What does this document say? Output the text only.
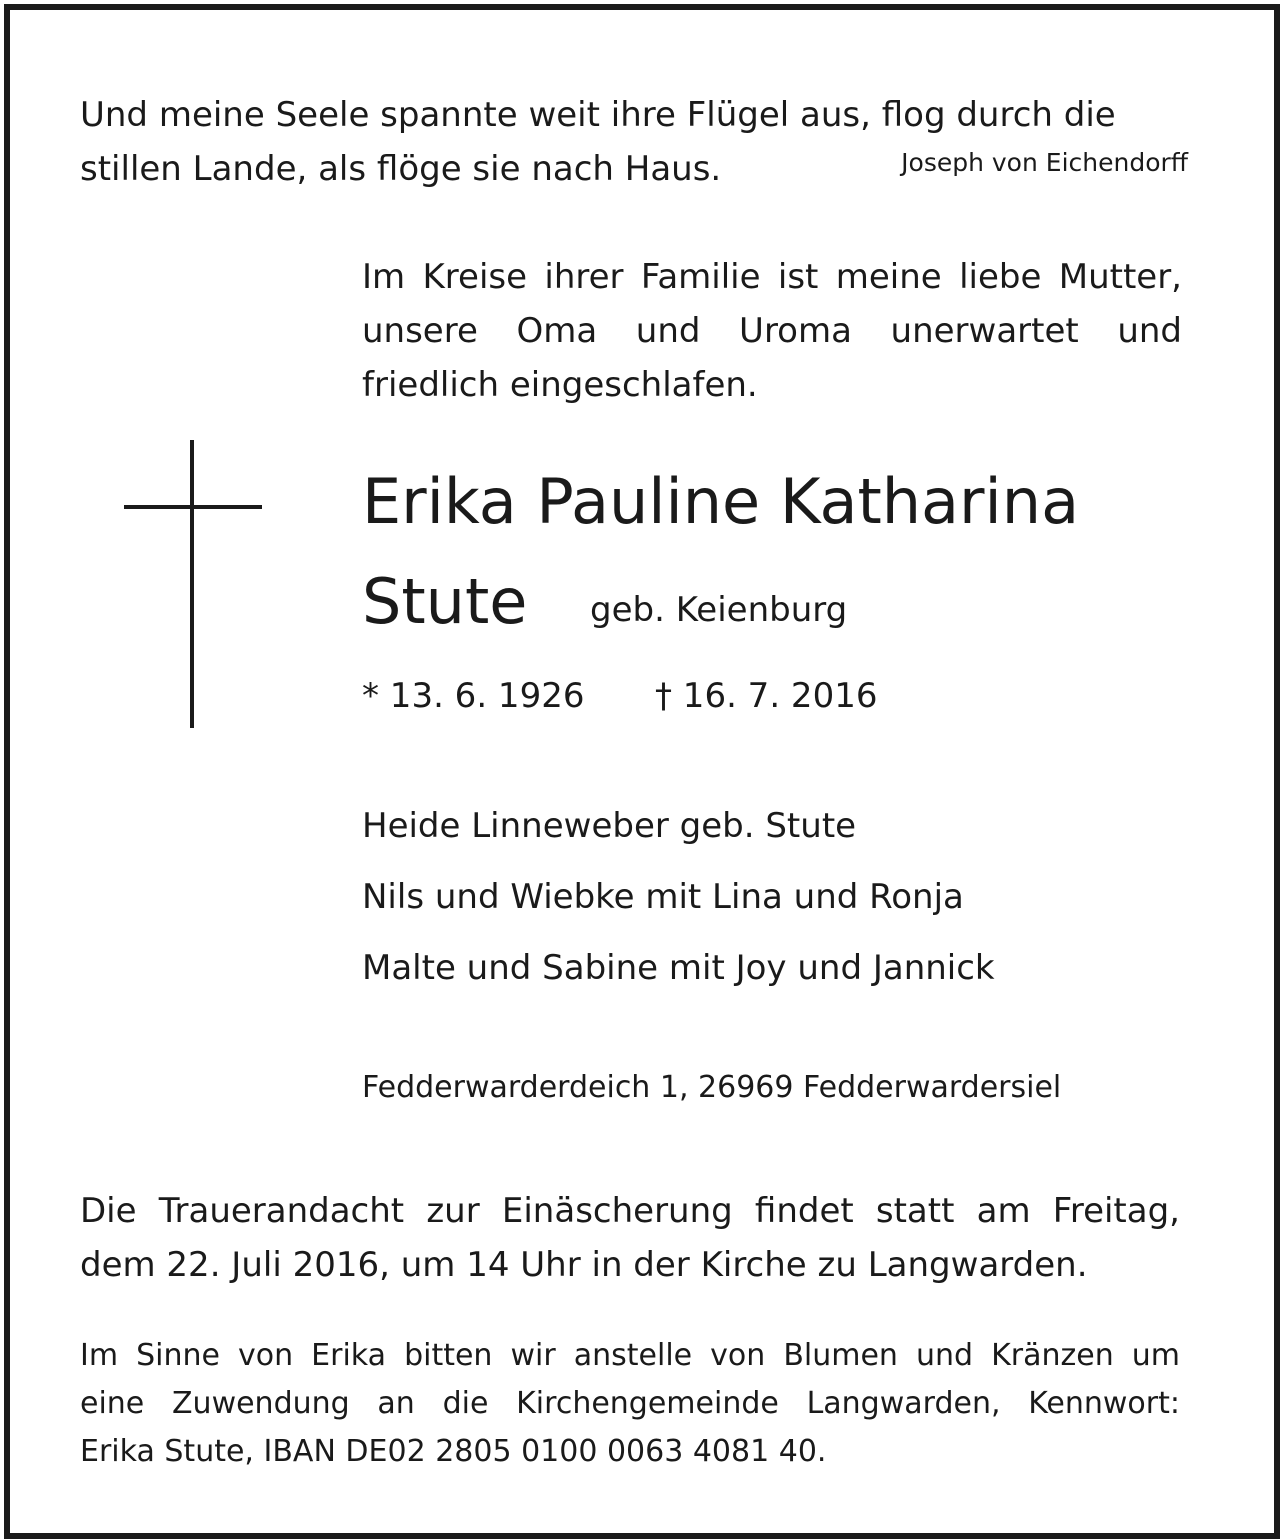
Und meine Seele spannte weit ihre Flügel aus, flog durch die
stillen Lande, als flöge sie nach Haus.	Joseph von Eichendorff
Im Kreise ihrer Familie ist meine liebe Mutter,
unsere Oma und Uroma unerwartet und
friedlich eingeschlafen.
Erika Pauline Katharina
Stute geb. Keienburg
* 13. 6. 1926 † 16. 7. 2016
Heide Linneweber geb. Stute
Nils und Wiebke mit Lina und Ronja
Malte und Sabine mit Joy und Jannick
Fedderwarderdeich 1, 26969 Fedderwardersiel
Die Trauerandacht zur Einäscherung findet statt am Freitag,
dem 22. Juli 2016, um 14 Uhr in der Kirche zu Langwarden.
Im Sinne von Erika bitten wir anstelle von Blumen und Kränzen um
eine Zuwendung an die Kirchengemeinde Langwarden, Kennwort:
Erika Stute, IBAN DE02 2805 0100 0063 4081 40.
